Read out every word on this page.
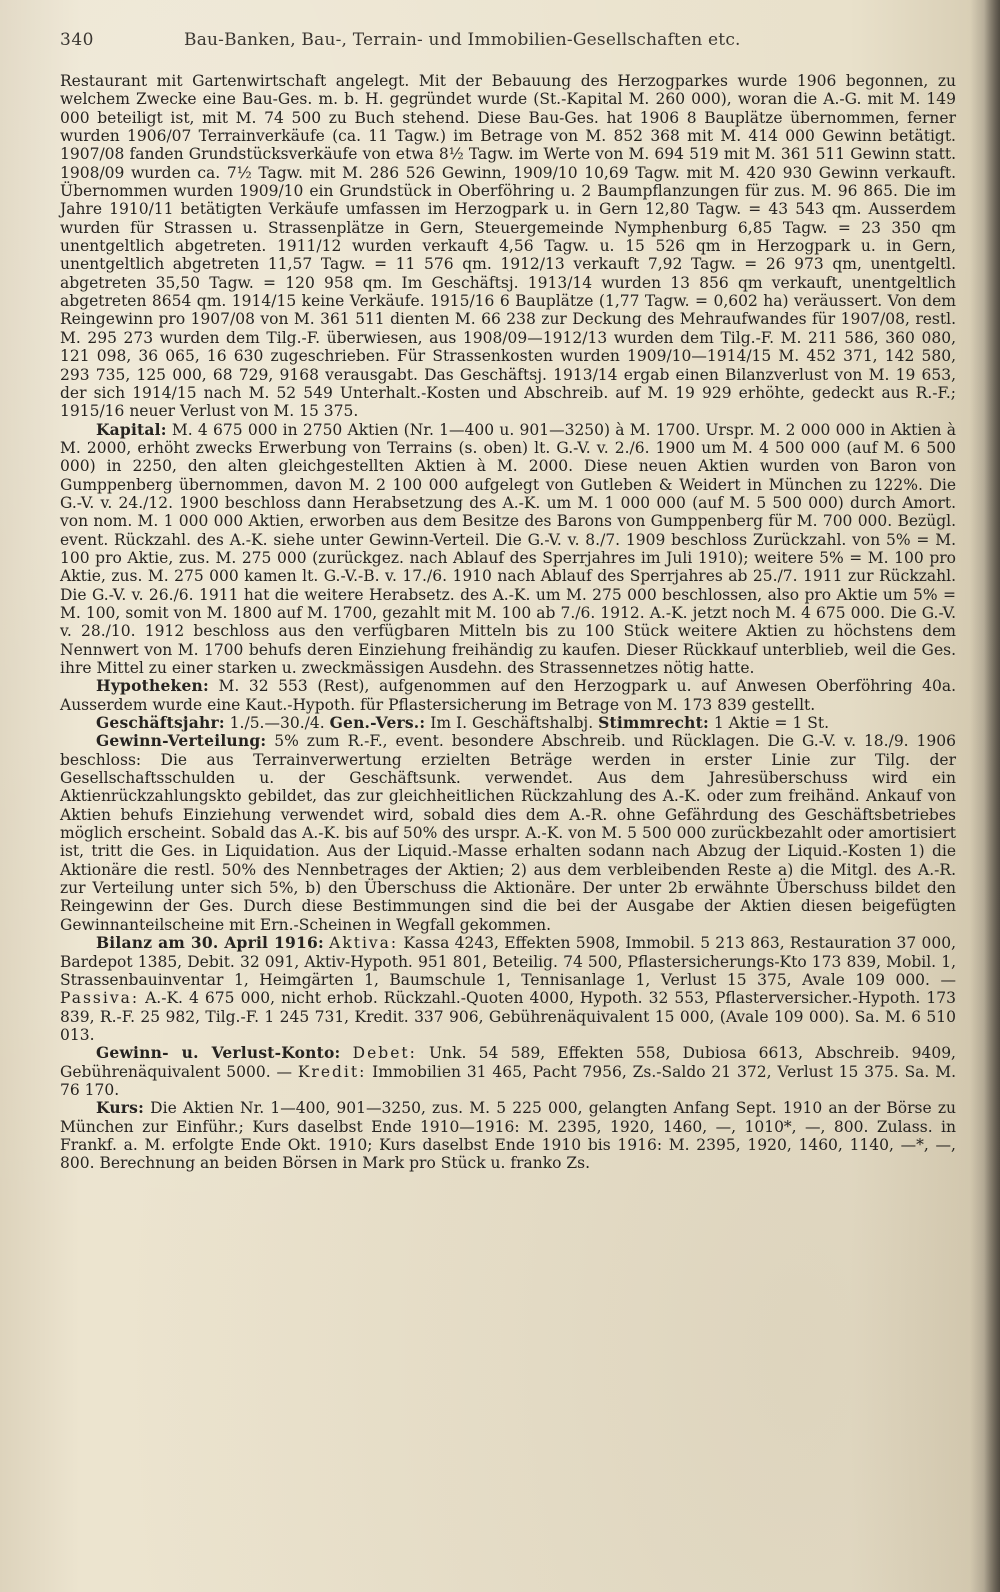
340	Bau-Banken, Bau-, Terrain- und Immobilien-Gesellschaften etc.

Restaurant mit Gartenwirtschaft angelegt. Mit der Bebauung des Herzogparkes wurde 1906 begonnen, zu welchem Zwecke eine Bau-Ges. m. b. H. gegründet wurde (St.-Kapital M. 260 000), woran die A.-G. mit M. 149 000 beteiligt ist, mit M. 74 500 zu Buch stehend. Diese Bau-Ges. hat 1906 8 Bauplätze übernommen, ferner wurden 1906/07 Terrainverkäufe (ca. 11 Tagw.) im Betrage von M. 852 368 mit M. 414 000 Gewinn betätigt. 1907/08 fanden Grundstücksverkäufe von etwa 8½ Tagw. im Werte von M. 694 519 mit M. 361 511 Gewinn statt. 1908/09 wurden ca. 7½ Tagw. mit M. 286 526 Gewinn, 1909/10 10,69 Tagw. mit M. 420 930 Gewinn verkauft. Übernommen wurden 1909/10 ein Grundstück in Oberföhring u. 2 Baumpflanzungen für zus. M. 96 865. Die im Jahre 1910/11 betätigten Verkäufe umfassen im Herzogpark u. in Gern 12,80 Tagw. = 43 543 qm. Ausserdem wurden für Strassen u. Strassenplätze in Gern, Steuergemeinde Nymphenburg 6,85 Tagw. = 23 350 qm unentgeltlich abgetreten. 1911/12 wurden verkauft 4,56 Tagw. u. 15 526 qm in Herzogpark u. in Gern, unentgeltlich abgetreten 11,57 Tagw. = 11 576 qm. 1912/13 verkauft 7,92 Tagw. = 26 973 qm, unentgeltl. abgetreten 35,50 Tagw. = 120 958 qm. Im Geschäftsj. 1913/14 wurden 13 856 qm verkauft, unentgeltlich abgetreten 8654 qm. 1914/15 keine Verkäufe. 1915/16 6 Bauplätze (1,77 Tagw. = 0,602 ha) veräussert. Von dem Reingewinn pro 1907/08 von M. 361 511 dienten M. 66 238 zur Deckung des Mehraufwandes für 1907/08, restl. M. 295 273 wurden dem Tilg.-F. überwiesen, aus 1908/09—1912/13 wurden dem Tilg.-F. M. 211 586, 360 080, 121 098, 36 065, 16 630 zugeschrieben. Für Strassenkosten wurden 1909/10—1914/15 M. 452 371, 142 580, 293 735, 125 000, 68 729, 9168 verausgabt. Das Geschäftsj. 1913/14 ergab einen Bilanzverlust von M. 19 653, der sich 1914/15 nach M. 52 549 Unterhalt.-Kosten und Abschreib. auf M. 19 929 erhöhte, gedeckt aus R.-F.; 1915/16 neuer Verlust von M. 15 375.

Kapital: M. 4 675 000 in 2750 Aktien (Nr. 1—400 u. 901—3250) à M. 1700. Urspr. M. 2 000 000 in Aktien à M. 2000, erhöht zwecks Erwerbung von Terrains (s. oben) lt. G.-V. v. 2./6. 1900 um M. 4 500 000 (auf M. 6 500 000) in 2250, den alten gleichgestellten Aktien à M. 2000. Diese neuen Aktien wurden von Baron von Gumppenberg übernommen, davon M. 2 100 000 aufgelegt von Gutleben & Weidert in München zu 122%. Die G.-V. v. 24./12. 1900 beschloss dann Herabsetzung des A.-K. um M. 1 000 000 (auf M. 5 500 000) durch Amort. von nom. M. 1 000 000 Aktien, erworben aus dem Besitze des Barons von Gumppenberg für M. 700 000. Bezügl. event. Rückzahl. des A.-K. siehe unter Gewinn-Verteil. Die G.-V. v. 8./7. 1909 beschloss Zurückzahl. von 5% = M. 100 pro Aktie, zus. M. 275 000 (zurückgez. nach Ablauf des Sperrjahres im Juli 1910); weitere 5% = M. 100 pro Aktie, zus. M. 275 000 kamen lt. G.-V.-B. v. 17./6. 1910 nach Ablauf des Sperrjahres ab 25./7. 1911 zur Rückzahl. Die G.-V. v. 26./6. 1911 hat die weitere Herabsetz. des A.-K. um M. 275 000 beschlossen, also pro Aktie um 5% = M. 100, somit von M. 1800 auf M. 1700, gezahlt mit M. 100 ab 7./6. 1912. A.-K. jetzt noch M. 4 675 000. Die G.-V. v. 28./10. 1912 beschloss aus den verfügbaren Mitteln bis zu 100 Stück weitere Aktien zu höchstens dem Nennwert von M. 1700 behufs deren Einziehung freihändig zu kaufen. Dieser Rückkauf unterblieb, weil die Ges. ihre Mittel zu einer starken u. zweckmässigen Ausdehn. des Strassennetzes nötig hatte.

Hypotheken: M. 32 553 (Rest), aufgenommen auf den Herzogpark u. auf Anwesen Oberföhring 40a. Ausserdem wurde eine Kaut.-Hypoth. für Pflastersicherung im Betrage von M. 173 839 gestellt.

Geschäftsjahr: 1./5.—30./4. Gen.-Vers.: Im I. Geschäftshalbj. Stimmrecht: 1 Aktie = 1 St.

Gewinn-Verteilung: 5% zum R.-F., event. besondere Abschreib. und Rücklagen. Die G.-V. v. 18./9. 1906 beschloss: Die aus Terrainverwertung erzielten Beträge werden in erster Linie zur Tilg. der Gesellschaftsschulden u. der Geschäftsunk. verwendet. Aus dem Jahresüberschuss wird ein Aktienrückzahlungskto gebildet, das zur gleichheitlichen Rückzahlung des A.-K. oder zum freihänd. Ankauf von Aktien behufs Einziehung verwendet wird, sobald dies dem A.-R. ohne Gefährdung des Geschäftsbetriebes möglich erscheint. Sobald das A.-K. bis auf 50% des urspr. A.-K. von M. 5 500 000 zurückbezahlt oder amortisiert ist, tritt die Ges. in Liquidation. Aus der Liquid.-Masse erhalten sodann nach Abzug der Liquid.-Kosten 1) die Aktionäre die restl. 50% des Nennbetrages der Aktien; 2) aus dem verbleibenden Reste a) die Mitgl. des A.-R. zur Verteilung unter sich 5%, b) den Überschuss die Aktionäre. Der unter 2b erwähnte Überschuss bildet den Reingewinn der Ges. Durch diese Bestimmungen sind die bei der Ausgabe der Aktien diesen beigefügten Gewinnanteilscheine mit Ern.-Scheinen in Wegfall gekommen.

Bilanz am 30. April 1916: Aktiva: Kassa 4243, Effekten 5908, Immobil. 5 213 863, Restauration 37 000, Bardepot 1385, Debit. 32 091, Aktiv-Hypoth. 951 801, Beteilig. 74 500, Pflastersicherungs-Kto 173 839, Mobil. 1, Strassenbauinventar 1, Heimgärten 1, Baumschule 1, Tennisanlage 1, Verlust 15 375, Avale 109 000. — Passiva: A.-K. 4 675 000, nicht erhob. Rückzahl.-Quoten 4000, Hypoth. 32 553, Pflasterversicher.-Hypoth. 173 839, R.-F. 25 982, Tilg.-F. 1 245 731, Kredit. 337 906, Gebührenäquivalent 15 000, (Avale 109 000). Sa. M. 6 510 013.

Gewinn- u. Verlust-Konto: Debet: Unk. 54 589, Effekten 558, Dubiosa 6613, Abschreib. 9409, Gebührenäquivalent 5000. — Kredit: Immobilien 31 465, Pacht 7956, Zs.-Saldo 21 372, Verlust 15 375. Sa. M. 76 170.

Kurs: Die Aktien Nr. 1—400, 901—3250, zus. M. 5 225 000, gelangten Anfang Sept. 1910 an der Börse zu München zur Einführ.; Kurs daselbst Ende 1910—1916: M. 2395, 1920, 1460, —, 1010*, —, 800. Zulass. in Frankf. a. M. erfolgte Ende Okt. 1910; Kurs daselbst Ende 1910 bis 1916: M. 2395, 1920, 1460, 1140, —*, —, 800. Berechnung an beiden Börsen in Mark pro Stück u. franko Zs.
